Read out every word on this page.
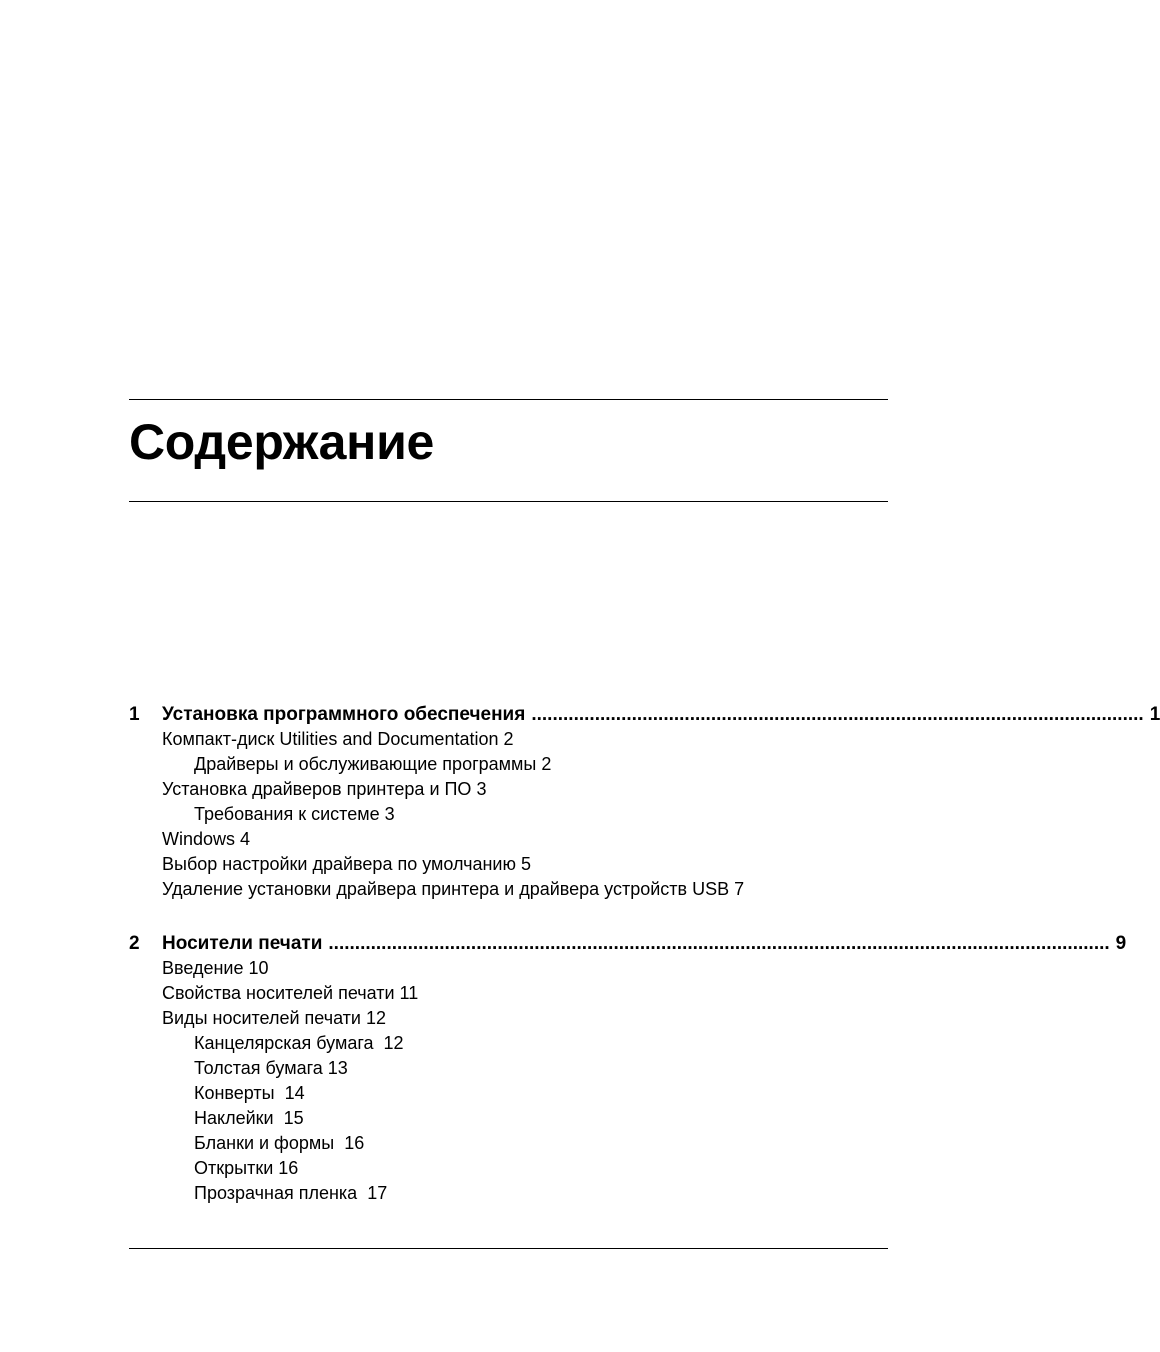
Содержание
1	Установка программного обеспечения .................................................................................................................... 1
Компакт-диск Utilities and Documentation 2
Драйверы и обслуживающие программы 2
Установка драйверов принтера и ПО 3
Требования к системе 3
Windows 4
Выбор настройки драйвера по умолчанию 5
Удаление установки драйвера принтера и драйвера устройств USB 7
2	Носители печати .................................................................................................................................................... 9
Введение 10
Свойства носителей печати 11
Виды носителей печати 12
Канцелярская бумага  12
Толстая бумага 13
Конверты  14
Наклейки  15
Бланки и формы  16
Открытки 16
Прозрачная пленка  17
